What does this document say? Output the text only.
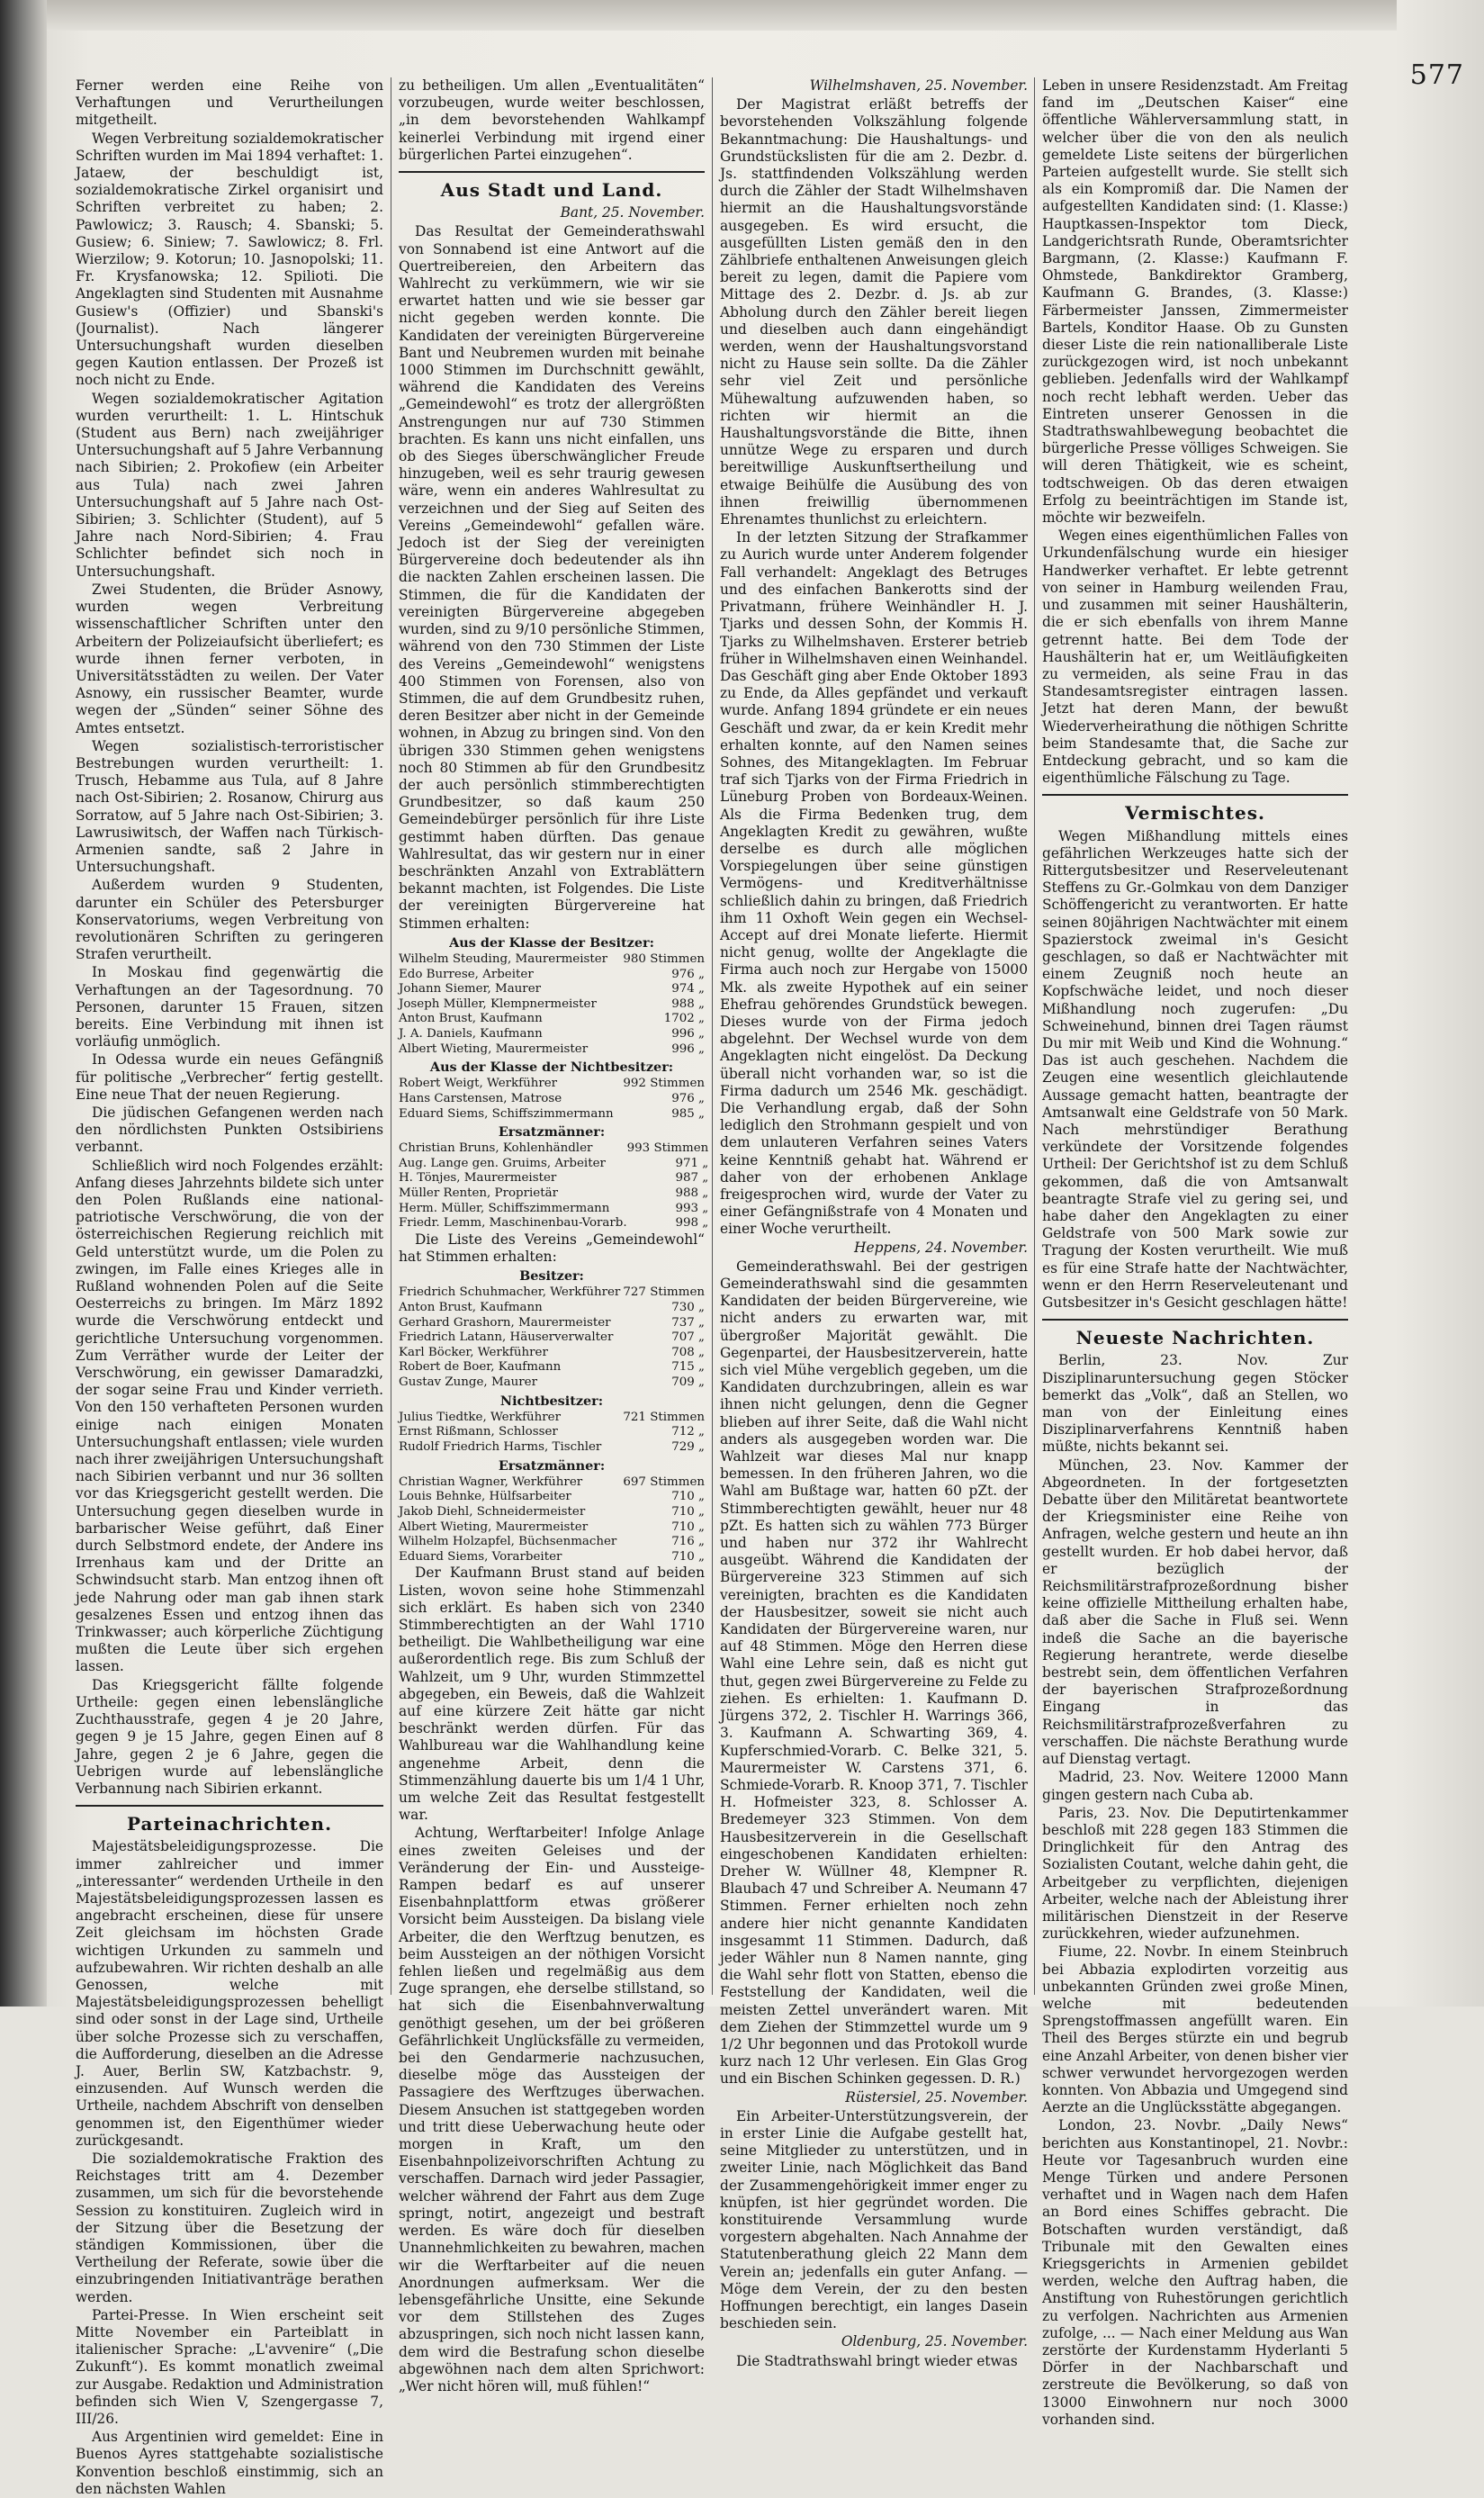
577

Ferner werden eine Reihe von Verhaftungen und Verurtheilungen mitgetheilt.

Wegen Verbreitung sozialdemokratischer Schriften wurden im Mai 1894 verhaftet: 1. Jataew, der beschuldigt ist, sozialdemokratische Zirkel organisirt und Schriften verbreitet zu haben; 2. Pawlowicz; 3. Rausch; 4. Sbanski; 5. Gusiew; 6. Siniew; 7. Sawlowicz; 8. Frl. Wierzilow; 9. Kotorun; 10. Jasnopolski; 11. Fr. Krysfanowska; 12. Spilioti. Die Angeklagten sind Studenten mit Ausnahme Gusiew's (Offizier) und Sbanski's (Journalist). Nach längerer Untersuchungshaft wurden dieselben gegen Kaution entlassen. Der Prozeß ist noch nicht zu Ende.

Wegen sozialdemokratischer Agitation wurden verurtheilt: 1. L. Hintschuk (Student aus Bern) nach zweijähriger Untersuchungshaft auf 5 Jahre Verbannung nach Sibirien; 2. Prokofiew (ein Arbeiter aus Tula) nach zwei Jahren Untersuchungshaft auf 5 Jahre nach Ost-Sibirien; 3. Schlichter (Student), auf 5 Jahre nach Nord-Sibirien; 4. Frau Schlichter befindet sich noch in Untersuchungshaft.

Zwei Studenten, die Brüder Asnowy, wurden wegen Verbreitung wissenschaftlicher Schriften unter den Arbeitern der Polizeiaufsicht überliefert; es wurde ihnen ferner verboten, in Universitätsstädten zu weilen. Der Vater Asnowy, ein russischer Beamter, wurde wegen der „Sünden“ seiner Söhne des Amtes entsetzt.

Wegen sozialistisch-terroristischer Bestrebungen wurden verurtheilt: 1. Trusch, Hebamme aus Tula, auf 8 Jahre nach Ost-Sibirien; 2. Rosanow, Chirurg aus Sorratow, auf 5 Jahre nach Ost-Sibirien; 3. Lawrusiwitsch, der Waffen nach Türkisch-Armenien sandte, saß 2 Jahre in Untersuchungshaft.

Außerdem wurden 9 Studenten, darunter ein Schüler des Petersburger Konservatoriums, wegen Verbreitung von revolutionären Schriften zu geringeren Strafen verurtheilt.

In Moskau find gegenwärtig die Verhaftungen an der Tagesordnung. 70 Personen, darunter 15 Frauen, sitzen bereits. Eine Verbindung mit ihnen ist vorläufig unmöglich.

In Odessa wurde ein neues Gefängniß für politische „Verbrecher“ fertig gestellt. Eine neue That der neuen Regierung.

Die jüdischen Gefangenen werden nach den nördlichsten Punkten Ostsibiriens verbannt.

Schließlich wird noch Folgendes erzählt: Anfang dieses Jahrzehnts bildete sich unter den Polen Rußlands eine national-patriotische Verschwörung, die von der österreichischen Regierung reichlich mit Geld unterstützt wurde, um die Polen zu zwingen, im Falle eines Krieges alle in Rußland wohnenden Polen auf die Seite Oesterreichs zu bringen. Im März 1892 wurde die Verschwörung entdeckt und gerichtliche Untersuchung vorgenommen. Zum Verräther wurde der Leiter der Verschwörung, ein gewisser Damaradzki, der sogar seine Frau und Kinder verrieth. Von den 150 verhafteten Personen wurden einige nach einigen Monaten Untersuchungshaft entlassen; viele wurden nach ihrer zweijährigen Untersuchungshaft nach Sibirien verbannt und nur 36 sollten vor das Kriegsgericht gestellt werden. Die Untersuchung gegen dieselben wurde in barbarischer Weise geführt, daß Einer durch Selbstmord endete, der Andere ins Irrenhaus kam und der Dritte an Schwindsucht starb. Man entzog ihnen oft jede Nahrung oder man gab ihnen stark gesalzenes Essen und entzog ihnen das Trinkwasser; auch körperliche Züchtigung mußten die Leute über sich ergehen lassen.

Das Kriegsgericht fällte folgende Urtheile: gegen einen lebenslängliche Zuchthausstrafe, gegen 4 je 20 Jahre, gegen 9 je 15 Jahre, gegen Einen auf 8 Jahre, gegen 2 je 6 Jahre, gegen die Uebrigen wurde auf lebenslängliche Verbannung nach Sibirien erkannt.

Parteinachrichten.

Majestätsbeleidigungsprozesse. Die immer zahlreicher und immer „interessanter“ werdenden Urtheile in den Majestätsbeleidigungsprozessen lassen es angebracht erscheinen, diese für unsere Zeit gleichsam im höchsten Grade wichtigen Urkunden zu sammeln und aufzubewahren. Wir richten deshalb an alle Genossen, welche mit Majestätsbeleidigungsprozessen behelligt sind oder sonst in der Lage sind, Urtheile über solche Prozesse sich zu verschaffen, die Aufforderung, dieselben an die Adresse J. Auer, Berlin SW, Katzbachstr. 9, einzusenden. Auf Wunsch werden die Urtheile, nachdem Abschrift von denselben genommen ist, den Eigenthümer wieder zurückgesandt.

Die sozialdemokratische Fraktion des Reichstages tritt am 4. Dezember zusammen, um sich für die bevorstehende Session zu konstituiren. Zugleich wird in der Sitzung über die Besetzung der ständigen Kommissionen, über die Vertheilung der Referate, sowie über die einzubringenden Initiativanträge berathen werden.

Partei-Presse. In Wien erscheint seit Mitte November ein Parteiblatt in italienischer Sprache: „L'avvenire“ („Die Zukunft“). Es kommt monatlich zweimal zur Ausgabe. Redaktion und Administration befinden sich Wien V, Szengergasse 7, III/26.

Aus Argentinien wird gemeldet: Eine in Buenos Ayres stattgehabte sozialistische Konvention beschloß einstimmig, sich an den nächsten Wahlen

zu betheiligen. Um allen „Eventualitäten“ vorzubeugen, wurde weiter beschlossen, „in dem bevorstehenden Wahlkampf keinerlei Verbindung mit irgend einer bürgerlichen Partei einzugehen“.

Aus Stadt und Land.
Bant, 25. November.

Das Resultat der Gemeinderathswahl von Sonnabend ist eine Antwort auf die Quertreibereien, den Arbeitern das Wahlrecht zu verkümmern, wie wir sie erwartet hatten und wie sie besser gar nicht gegeben werden konnte. Die Kandidaten der vereinigten Bürgervereine Bant und Neubremen wurden mit beinahe 1000 Stimmen im Durchschnitt gewählt, während die Kandidaten des Vereins „Gemeindewohl“ es trotz der allergrößten Anstrengungen nur auf 730 Stimmen brachten. Es kann uns nicht einfallen, uns ob des Sieges überschwänglicher Freude hinzugeben, weil es sehr traurig gewesen wäre, wenn ein anderes Wahlresultat zu verzeichnen und der Sieg auf Seiten des Vereins „Gemeindewohl“ gefallen wäre. Jedoch ist der Sieg der vereinigten Bürgervereine doch bedeutender als ihn die nackten Zahlen erscheinen lassen. Die Stimmen, die für die Kandidaten der vereinigten Bürgervereine abgegeben wurden, sind zu 9/10 persönliche Stimmen, während von den 730 Stimmen der Liste des Vereins „Gemeindewohl“ wenigstens 400 Stimmen von Forensen, also von Stimmen, die auf dem Grundbesitz ruhen, deren Besitzer aber nicht in der Gemeinde wohnen, in Abzug zu bringen sind. Von den übrigen 330 Stimmen gehen wenigstens noch 80 Stimmen ab für den Grundbesitz der auch persönlich stimmberechtigten Grundbesitzer, so daß kaum 250 Gemeindebürger persönlich für ihre Liste gestimmt haben dürften. Das genaue Wahlresultat, das wir gestern nur in einer beschränkten Anzahl von Extrablättern bekannt machten, ist Folgendes. Die Liste der vereinigten Bürgervereine hat Stimmen erhalten:

Aus der Klasse der Besitzer:
Wilhelm Steuding, Maurermeister	980 Stimmen
Edo Burrese, Arbeiter	976 „
Johann Siemer, Maurer	974 „
Joseph Müller, Klempnermeister	988 „
Anton Brust, Kaufmann	1702 „
J. A. Daniels, Kaufmann	996 „
Albert Wieting, Maurermeister	996 „
Aus der Klasse der Nichtbesitzer:
Robert Weigt, Werkführer	992 Stimmen
Hans Carstensen, Matrose	976 „
Eduard Siems, Schiffszimmermann	985 „
Ersatzmänner:
Christian Bruns, Kohlenhändler	993 Stimmen
Aug. Lange gen. Gruims, Arbeiter	971 „
H. Tönjes, Maurermeister	987 „
Müller Renten, Proprietär	988 „
Herm. Müller, Schiffszimmermann	993 „
Friedr. Lemm, Maschinenbau-Vorarb.	998 „

Die Liste des Vereins „Gemeindewohl“ hat Stimmen erhalten:

Besitzer:
Friedrich Schuhmacher, Werkführer	727 Stimmen
Anton Brust, Kaufmann	730 „
Gerhard Grashorn, Maurermeister	737 „
Friedrich Latann, Häuserverwalter	707 „
Karl Böcker, Werkführer	708 „
Robert de Boer, Kaufmann	715 „
Gustav Zunge, Maurer	709 „
Nichtbesitzer:
Julius Tiedtke, Werkführer	721 Stimmen
Ernst Rißmann, Schlosser	712 „
Rudolf Friedrich Harms, Tischler	729 „
Ersatzmänner:
Christian Wagner, Werkführer	697 Stimmen
Louis Behnke, Hülfsarbeiter	710 „
Jakob Diehl, Schneidermeister	710 „
Albert Wieting, Maurermeister	710 „
Wilhelm Holzapfel, Büchsenmacher	716 „
Eduard Siems, Vorarbeiter	710 „

Der Kaufmann Brust stand auf beiden Listen, wovon seine hohe Stimmenzahl sich erklärt. Es haben sich von 2340 Stimmberechtigten an der Wahl 1710 betheiligt. Die Wahlbetheiligung war eine außerordentlich rege. Bis zum Schluß der Wahlzeit, um 9 Uhr, wurden Stimmzettel abgegeben, ein Beweis, daß die Wahlzeit auf eine kürzere Zeit hätte gar nicht beschränkt werden dürfen. Für das Wahlbureau war die Wahlhandlung keine angenehme Arbeit, denn die Stimmenzählung dauerte bis um 1/4 1 Uhr, um welche Zeit das Resultat festgestellt war.

Achtung, Werftarbeiter! Infolge Anlage eines zweiten Geleises und der Veränderung der Ein- und Aussteige-Rampen bedarf es auf unserer Eisenbahnplattform etwas größerer Vorsicht beim Aussteigen. Da bislang viele Arbeiter, die den Werftzug benutzen, es beim Aussteigen an der nöthigen Vorsicht fehlen ließen und regelmäßig aus dem Zuge sprangen, ehe derselbe stillstand, so hat sich die Eisenbahnverwaltung genöthigt gesehen, um der bei größeren Gefährlichkeit Unglücksfälle zu vermeiden, bei den Gendarmerie nachzusuchen, dieselbe möge das Aussteigen der Passagiere des Werftzuges überwachen. Diesem Ansuchen ist stattgegeben worden und tritt diese Ueberwachung heute oder morgen in Kraft, um den Eisenbahnpolizeivorschriften Achtung zu verschaffen. Darnach wird jeder Passagier, welcher während der Fahrt aus dem Zuge springt, notirt, angezeigt und bestraft werden. Es wäre doch für dieselben Unannehmlichkeiten zu bewahren, machen wir die Werftarbeiter auf die neuen Anordnungen aufmerksam. Wer die lebensgefährliche Unsitte, eine Sekunde vor dem Stillstehen des Zuges abzuspringen, sich noch nicht lassen kann, dem wird die Bestrafung schon dieselbe abgewöhnen nach dem alten Sprichwort: „Wer nicht hören will, muß fühlen!“

Wilhelmshaven, 25. November.

Der Magistrat erläßt betreffs der bevorstehenden Volkszählung folgende Bekanntmachung: Die Haushaltungs- und Grundstückslisten für die am 2. Dezbr. d. Js. stattfindenden Volkszählung werden durch die Zähler der Stadt Wilhelmshaven hiermit an die Haushaltungsvorstände ausgegeben. Es wird ersucht, die ausgefüllten Listen gemäß den in den Zählbriefe enthaltenen Anweisungen gleich bereit zu legen, damit die Papiere vom Mittage des 2. Dezbr. d. Js. ab zur Abholung durch den Zähler bereit liegen und dieselben auch dann eingehändigt werden, wenn der Haushaltungsvorstand nicht zu Hause sein sollte. Da die Zähler sehr viel Zeit und persönliche Mühewaltung aufzuwenden haben, so richten wir hiermit an die Haushaltungsvorstände die Bitte, ihnen unnütze Wege zu ersparen und durch bereitwillige Auskunftsertheilung und etwaige Beihülfe die Ausübung des von ihnen freiwillig übernommenen Ehrenamtes thunlichst zu erleichtern.

In der letzten Sitzung der Strafkammer zu Aurich wurde unter Anderem folgender Fall verhandelt: Angeklagt des Betruges und des einfachen Bankerotts sind der Privatmann, frühere Weinhändler H. J. Tjarks und dessen Sohn, der Kommis H. Tjarks zu Wilhelmshaven. Ersterer betrieb früher in Wilhelmshaven einen Weinhandel. Das Geschäft ging aber Ende Oktober 1893 zu Ende, da Alles gepfändet und verkauft wurde. Anfang 1894 gründete er ein neues Geschäft und zwar, da er kein Kredit mehr erhalten konnte, auf den Namen seines Sohnes, des Mitangeklagten. Im Februar traf sich Tjarks von der Firma Friedrich in Lüneburg Proben von Bordeaux-Weinen. Als die Firma Bedenken trug, dem Angeklagten Kredit zu gewähren, wußte derselbe es durch alle möglichen Vorspiegelungen über seine günstigen Vermögens- und Kreditverhältnisse schließlich dahin zu bringen, daß Friedrich ihm 11 Oxhoft Wein gegen ein Wechsel-Accept auf drei Monate lieferte. Hiermit nicht genug, wollte der Angeklagte die Firma auch noch zur Hergabe von 15000 Mk. als zweite Hypothek auf ein seiner Ehefrau gehörendes Grundstück bewegen. Dieses wurde von der Firma jedoch abgelehnt. Der Wechsel wurde von dem Angeklagten nicht eingelöst. Da Deckung überall nicht vorhanden war, so ist die Firma dadurch um 2546 Mk. geschädigt. Die Verhandlung ergab, daß der Sohn lediglich den Strohmann gespielt und von dem unlauteren Verfahren seines Vaters keine Kenntniß gehabt hat. Während er daher von der erhobenen Anklage freigesprochen wird, wurde der Vater zu einer Gefängnißstrafe von 4 Monaten und einer Woche verurtheilt.

Heppens, 24. November.

Gemeinderathswahl. Bei der gestrigen Gemeinderathswahl sind die gesammten Kandidaten der beiden Bürgervereine, wie nicht anders zu erwarten war, mit übergroßer Majorität gewählt. Die Gegenpartei, der Hausbesitzerverein, hatte sich viel Mühe vergeblich gegeben, um die Kandidaten durchzubringen, allein es war ihnen nicht gelungen, denn die Gegner blieben auf ihrer Seite, daß die Wahl nicht anders als ausgegeben worden war. Die Wahlzeit war dieses Mal nur knapp bemessen. In den früheren Jahren, wo die Wahl am Bußtage war, hatten 60 pZt. der Stimmberechtigten gewählt, heuer nur 48 pZt. Es hatten sich zu wählen 773 Bürger und haben nur 372 ihr Wahlrecht ausgeübt. Während die Kandidaten der Bürgervereine 323 Stimmen auf sich vereinigten, brachten es die Kandidaten der Hausbesitzer, soweit sie nicht auch Kandidaten der Bürgervereine waren, nur auf 48 Stimmen. Möge den Herren diese Wahl eine Lehre sein, daß es nicht gut thut, gegen zwei Bürgervereine zu Felde zu ziehen. Es erhielten: 1. Kaufmann D. Jürgens 372, 2. Tischler H. Warrings 366, 3. Kaufmann A. Schwarting 369, 4. Kupferschmied-Vorarb. C. Belke 321, 5. Maurermeister W. Carstens 371, 6. Schmiede-Vorarb. R. Knoop 371, 7. Tischler H. Hofmeister 323, 8. Schlosser A. Bredemeyer 323 Stimmen. Von dem Hausbesitzerverein in die Gesellschaft eingeschobenen Kandidaten erhielten: Dreher W. Wüllner 48, Klempner R. Blaubach 47 und Schreiber A. Neumann 47 Stimmen. Ferner erhielten noch zehn andere hier nicht genannte Kandidaten insgesammt 11 Stimmen. Dadurch, daß jeder Wähler nun 8 Namen nannte, ging die Wahl sehr flott von Statten, ebenso die Feststellung der Kandidaten, weil die meisten Zettel unverändert waren. Mit dem Ziehen der Stimmzettel wurde um 9 1/2 Uhr begonnen und das Protokoll wurde kurz nach 12 Uhr verlesen. Ein Glas Grog und ein Bischen Schinken gegessen. D. R.)

Rüstersiel, 25. November.

Ein Arbeiter-Unterstützungsverein, der in erster Linie die Aufgabe gestellt hat, seine Mitglieder zu unterstützen, und in zweiter Linie, nach Möglichkeit das Band der Zusammengehörigkeit immer enger zu knüpfen, ist hier gegründet worden. Die konstituirende Versammlung wurde vorgestern abgehalten. Nach Annahme der Statutenberathung gleich 22 Mann dem Verein an; jedenfalls ein guter Anfang. — Möge dem Verein, der zu den besten Hoffnungen berechtigt, ein langes Dasein beschieden sein.

Oldenburg, 25. November.

Die Stadtrathswahl bringt wieder etwas

Leben in unsere Residenzstadt. Am Freitag fand im „Deutschen Kaiser“ eine öffentliche Wählerversammlung statt, in welcher über die von den als neulich gemeldete Liste seitens der bürgerlichen Parteien aufgestellt wurde. Sie stellt sich als ein Kompromiß dar. Die Namen der aufgestellten Kandidaten sind: (1. Klasse:) Hauptkassen-Inspektor tom Dieck, Landgerichtsrath Runde, Oberamtsrichter Bargmann, (2. Klasse:) Kaufmann F. Ohmstede, Bankdirektor Gramberg, Kaufmann G. Brandes, (3. Klasse:) Färbermeister Janssen, Zimmermeister Bartels, Konditor Haase. Ob zu Gunsten dieser Liste die rein nationalliberale Liste zurückgezogen wird, ist noch unbekannt geblieben. Jedenfalls wird der Wahlkampf noch recht lebhaft werden. Ueber das Eintreten unserer Genossen in die Stadtrathswahlbewegung beobachtet die bürgerliche Presse völliges Schweigen. Sie will deren Thätigkeit, wie es scheint, todtschweigen. Ob das deren etwaigen Erfolg zu beeinträchtigen im Stande ist, möchte wir bezweifeln.

Wegen eines eigenthümlichen Falles von Urkundenfälschung wurde ein hiesiger Handwerker verhaftet. Er lebte getrennt von seiner in Hamburg weilenden Frau, und zusammen mit seiner Haushälterin, die er sich ebenfalls von ihrem Manne getrennt hatte. Bei dem Tode der Haushälterin hat er, um Weitläufigkeiten zu vermeiden, als seine Frau in das Standesamtsregister eintragen lassen. Jetzt hat deren Mann, der bewußt Wiederverheirathung die nöthigen Schritte beim Standesamte that, die Sache zur Entdeckung gebracht, und so kam die eigenthümliche Fälschung zu Tage.

Vermischtes.

Wegen Mißhandlung mittels eines gefährlichen Werkzeuges hatte sich der Rittergutsbesitzer und Reserveleutenant Steffens zu Gr.-Golmkau von dem Danziger Schöffengericht zu verantworten. Er hatte seinen 80jährigen Nachtwächter mit einem Spazierstock zweimal in's Gesicht geschlagen, so daß er Nachtwächter mit einem Zeugniß noch heute an Kopfschwäche leidet, und noch dieser Mißhandlung noch zugerufen: „Du Schweinehund, binnen drei Tagen räumst Du mir mit Weib und Kind die Wohnung.“ Das ist auch geschehen. Nachdem die Zeugen eine wesentlich gleichlautende Aussage gemacht hatten, beantragte der Amtsanwalt eine Geldstrafe von 50 Mark. Nach mehrstündiger Berathung verkündete der Vorsitzende folgendes Urtheil: Der Gerichtshof ist zu dem Schluß gekommen, daß die von Amtsanwalt beantragte Strafe viel zu gering sei, und habe daher den Angeklagten zu einer Geldstrafe von 500 Mark sowie zur Tragung der Kosten verurtheilt. Wie muß es für eine Strafe hatte der Nachtwächter, wenn er den Herrn Reserveleutenant und Gutsbesitzer in's Gesicht geschlagen hätte!

Neueste Nachrichten.

Berlin, 23. Nov. Zur Disziplinaruntersuchung gegen Stöcker bemerkt das „Volk“, daß an Stellen, wo man von der Einleitung eines Disziplinarverfahrens Kenntniß haben müßte, nichts bekannt sei.

München, 23. Nov. Kammer der Abgeordneten. In der fortgesetzten Debatte über den Militäretat beantwortete der Kriegsminister eine Reihe von Anfragen, welche gestern und heute an ihn gestellt wurden. Er hob dabei hervor, daß er bezüglich der Reichsmilitärstrafprozeßordnung bisher keine offizielle Mittheilung erhalten habe, daß aber die Sache in Fluß sei. Wenn indeß die Sache an die bayerische Regierung herantrete, werde dieselbe bestrebt sein, dem öffentlichen Verfahren der bayerischen Strafprozeßordnung Eingang in das Reichsmilitärstrafprozeßverfahren zu verschaffen. Die nächste Berathung wurde auf Dienstag vertagt.

Madrid, 23. Nov. Weitere 12000 Mann gingen gestern nach Cuba ab.

Paris, 23. Nov. Die Deputirtenkammer beschloß mit 228 gegen 183 Stimmen die Dringlichkeit für den Antrag des Sozialisten Coutant, welche dahin geht, die Arbeitgeber zu verpflichten, diejenigen Arbeiter, welche nach der Ableistung ihrer militärischen Dienstzeit in der Reserve zurückkehren, wieder aufzunehmen.

Fiume, 22. Novbr. In einem Steinbruch bei Abbazia explodirten vorzeitig aus unbekannten Gründen zwei große Minen, welche mit bedeutenden Sprengstoffmassen angefüllt waren. Ein Theil des Berges stürzte ein und begrub eine Anzahl Arbeiter, von denen bisher vier schwer verwundet hervorgezogen werden konnten. Von Abbazia und Umgegend sind Aerzte an die Unglücksstätte abgegangen.

London, 23. Novbr. „Daily News“ berichten aus Konstantinopel, 21. Novbr.: Heute vor Tagesanbruch wurden eine Menge Türken und andere Personen verhaftet und in Wagen nach dem Hafen an Bord eines Schiffes gebracht. Die Botschaften wurden verständigt, daß Tribunale mit den Gewalten eines Kriegsgerichts in Armenien gebildet werden, welche den Auftrag haben, die Anstiftung von Ruhestörungen gerichtlich zu verfolgen. Nachrichten aus Armenien zufolge, ... — Nach einer Meldung aus Wan zerstörte der Kurdenstamm Hyderlanti 5 Dörfer in der Nachbarschaft und zerstreute die Bevölkerung, so daß von 13000 Einwohnern nur noch 3000 vorhanden sind.
